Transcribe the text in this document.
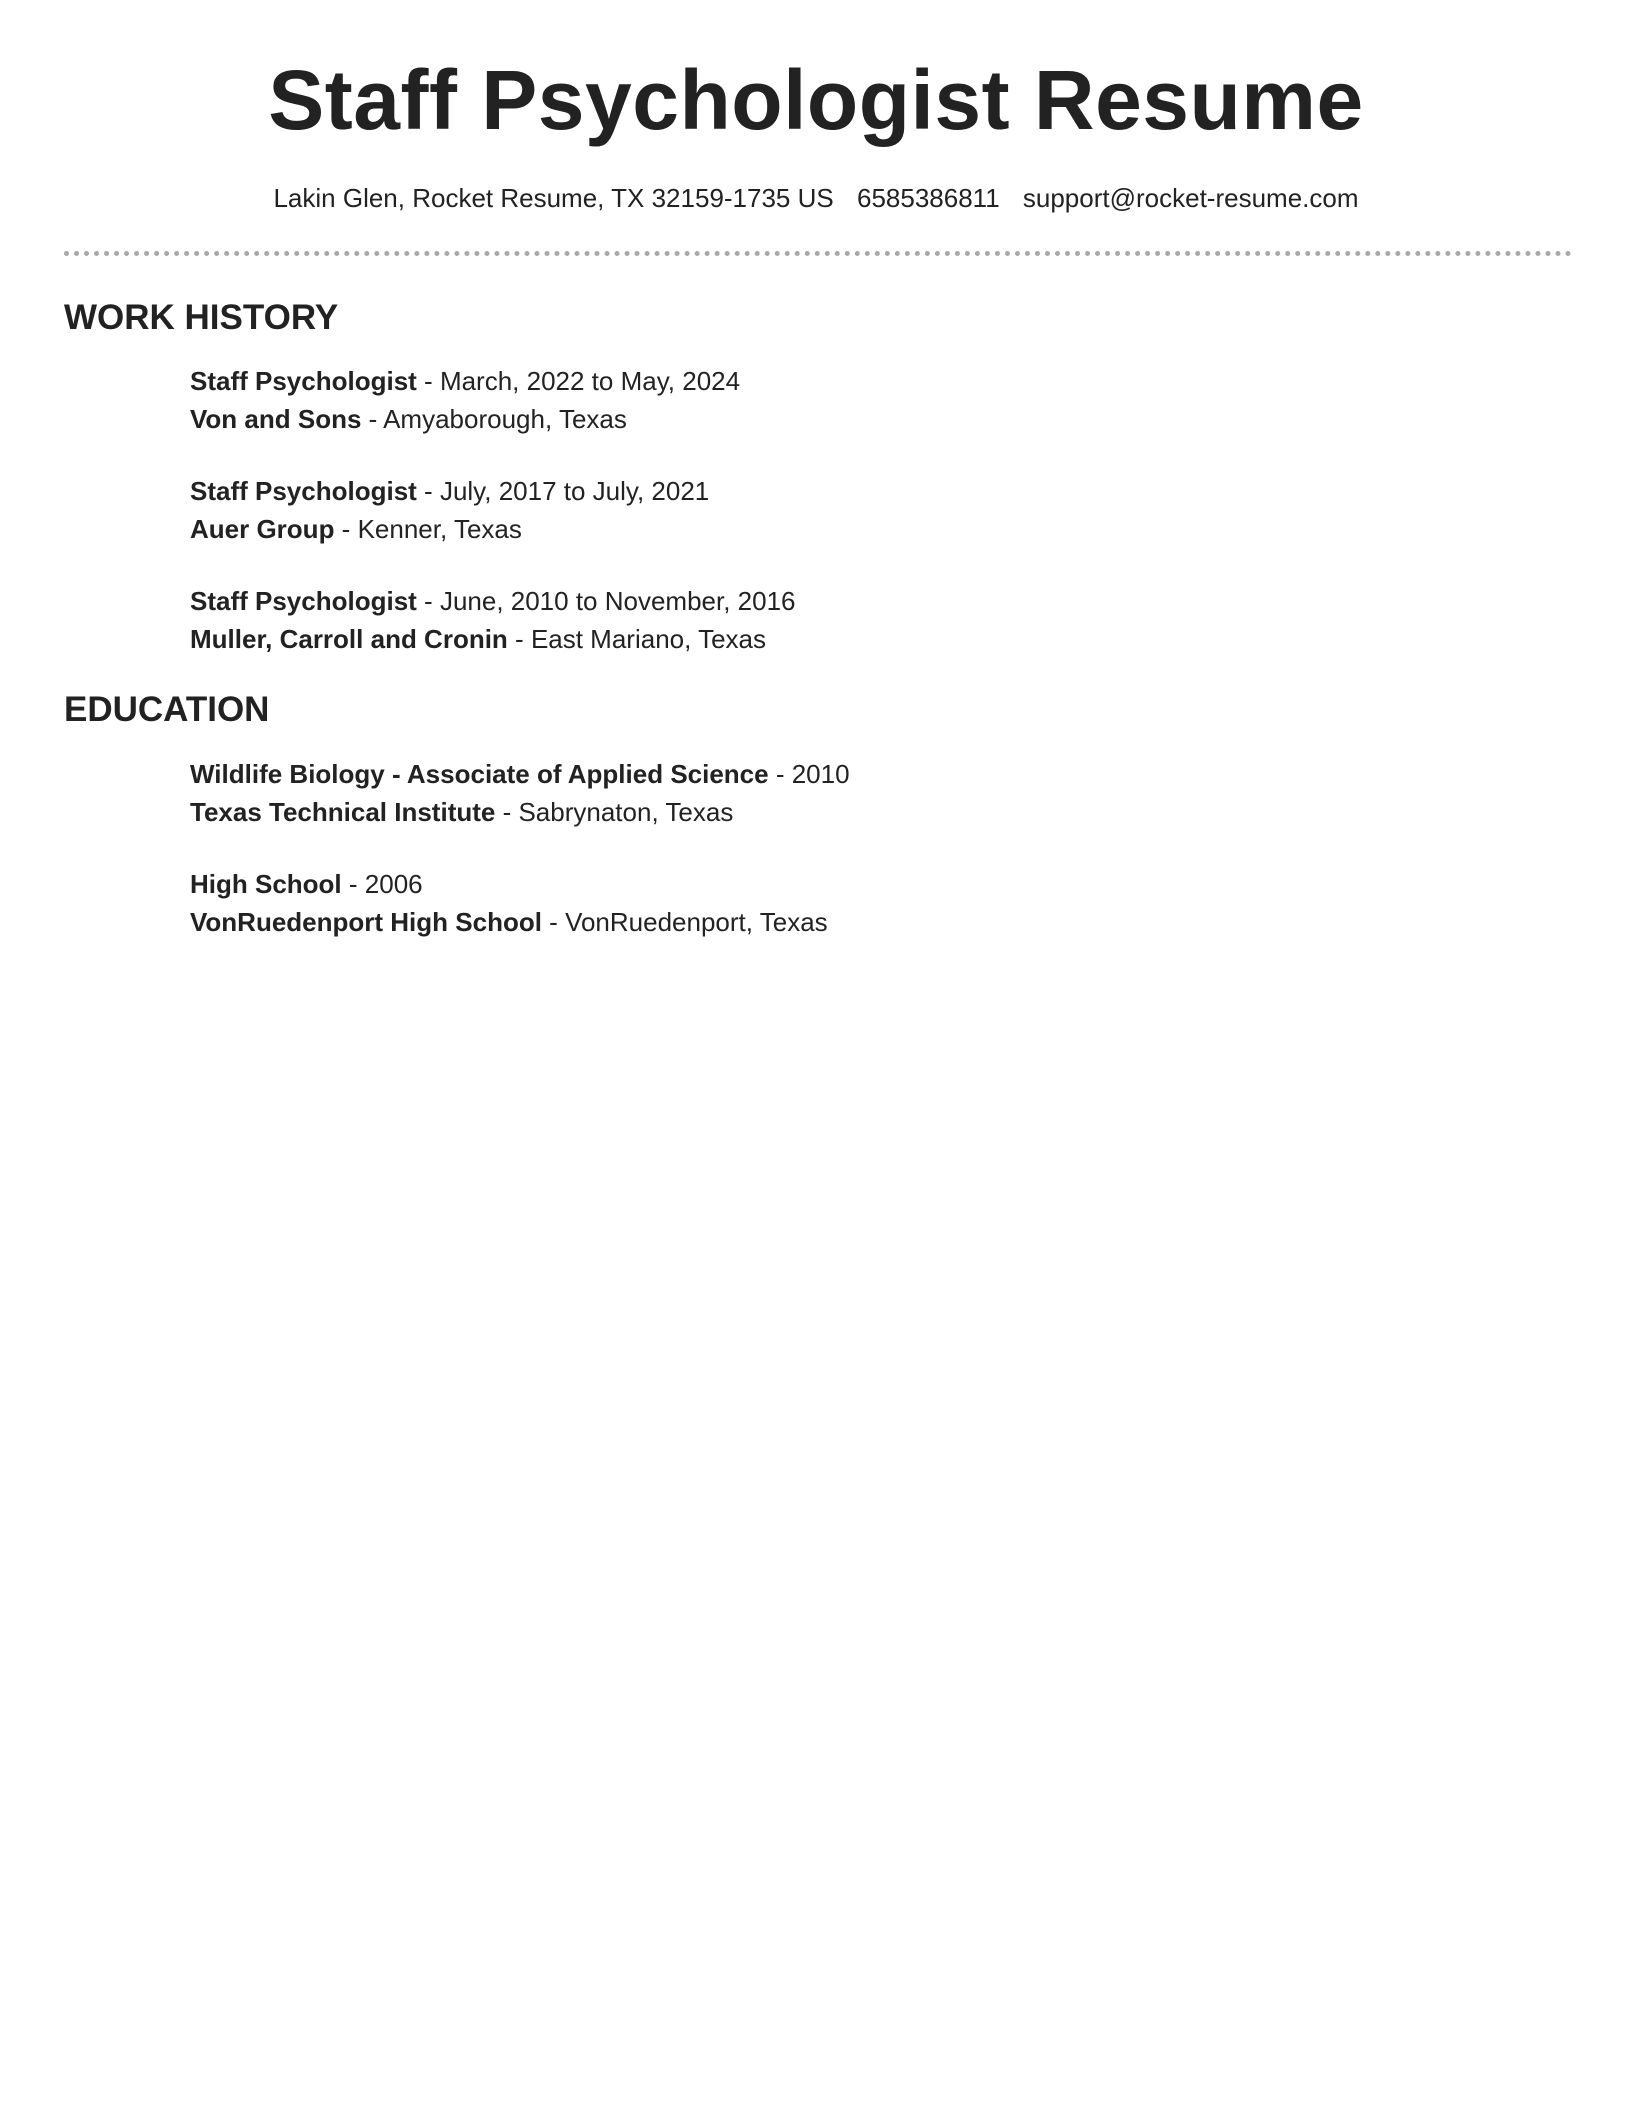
Staff Psychologist Resume
Lakin Glen, Rocket Resume, TX 32159-1735 US 6585386811 support@rocket-resume.com
WORK HISTORY
Staff Psychologist - March, 2022 to May, 2024
Von and Sons - Amyaborough, Texas
Staff Psychologist - July, 2017 to July, 2021
Auer Group - Kenner, Texas
Staff Psychologist - June, 2010 to November, 2016
Muller, Carroll and Cronin - East Mariano, Texas
EDUCATION
Wildlife Biology - Associate of Applied Science - 2010
Texas Technical Institute - Sabrynaton, Texas
High School - 2006
VonRuedenport High School - VonRuedenport, Texas
